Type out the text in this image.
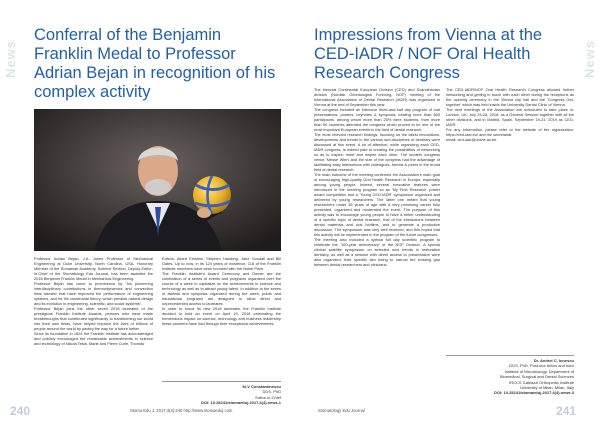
News
Conferral of the Benjamin Franklin Medal to Professor Adrian Bejan in recognition of his complex activity

Professor Adrian Bejan, J.A. Jones Professor of Mechanical Engineering at Duke University, North Carolina, USA, Honorary Member of the Romanian Academy, Science Section, Deputy Editor-in-Chief of the Stomatology Edu Journal, has been awarded the 2018 Benjamin Franklin Medal in Mechanical Engineering.

Professor Bejan has come to prominence by "his pioneering interdisciplinary contributions in thermodynamics and convection heat transfer that have improved the performance of engineering systems, and for his constructal theory, which predicts natural design and its evolution in engineering, scientific, and social systems".

Professor Bejan joins the other seven 2018 laureates of the prestigious Franklin Institute Awards, persons who have made breakthroughs that contributed significantly to transforming our world into their own fields, have helped improve the lives of billions of people around the world by paving the way for a future better.

Since its foundation in 1824 the Franklin Institute has acknowledged and publicly encouraged the remarkable achievements in science and technology of Nikola Tesla, Marie and Pierre Curie, Thomas

Edison, Albert Einstein, Stephen Hawking, Jane Goodall and Bill Gates. Up to now, in its 124 years of existence, 118 of the Franklin Institute members have been honored with the Nobel Prize.

The Franklin Institute's Award Ceremony and Dinner are the culmination of a series of events and programs organized over the course of a week to capitalize on the achievements in science and technology as well as to attract young talent. In addition to the series of awards and symposia organized during the week, public and educational programs are designed to allow direct and unprecedented access to laureates.

In order to honor its new 2018 laureates, the Franklin Institute decided to hold an event on April 19, 2018 celebrating the tremendous impact on science, technology and business leadership these pioneers have had through their exceptional achievements.

M-V Constantinescu
DDS, PhD
Editor-in-Chief
DOI: 10.25241/stomaeduj.2017.4(4).news.1
240	Stoma Edu J. 2017;4(4):240 http://www.stomaeduj.com
News
Impressions from Vienna at the CED-IADR / NOF Oral Health Research Congress

The biennial Continental European Division (CED) and Scandinavian division (Nordisk Odontologisk Forening, NOF) meeting of the International Association of Dental Research (IADR) was organized in Vienna at the end of September this year.

The congress included an intensive three-and-half day program of oral presentations, posters, keynotes & symposia, totaling more than 800 participants, among whom more than 25% were students, from more than 50 countries attended the congress which proved to be one of the most important European events in the field of dental research.

The most relevant research findings, focusing on the latest innovations, developments and trends in the various sub-disciplines of dentistry were discussed at this event. A lot of attention, while organizing each CED-IADR congress, is indeed paid to creating the possibilities of networking so as to inspire, meet and inspire each other. The modern congress venue 'Messe Wien' and the size of the congress had the advantage of facilitating easy interactions with colleagues, friends & peers in the broad field of dental research.

The main outcome of the meeting confirmed the Association's main goal of encouraging high-quality Oral Health Research in Europe, especially among young people. Indeed, several innovative features were introduced in the meeting program so as 'My First Research' poster award competition and a 'Young CED-IADR' symposium organized and delivered by young researchers. The latter one meant that young researchers under 35 years of age with a very promising career fully presented, organized and moderated the event. The purpose of this activity was to encourage young people to have a better understanding of a specific topic of dental research, that of the interactions between dental materials and oral biofilms, and to generate a productive discussion. The symposium was very well received, and this hoped that this activity will be implemented in the program of the future congresses.

The meeting also included a special full day scientific program to celebrate the '100-year anniversary' of the NOF Division. A special clinical satellite symposium on selected new trends in restorative dentistry, as well as a session with direct access to presentation were also organized, their specific aim being to narrow the existing gap between dental researchers and clinicians.

The CED-IADR/NOF Oral Health Research Congress allowed further networking and getting in touch with each other during the receptions as the opening ceremony in the Vienna city hall and the 'Congress Get-together' which was held inside the University Dental Clinic of Vienna.

The next meetings of the Association are scheduled to take place in: London, UK, July 25-28, 2018, as a General Session together with all the other divisions, and in Madrid, Spain, September 19-21, 2019 as CED-IADR.

For any information, please refer to the website of the organization: https://ced-iadr.eu/ and the secretariat

email: ced-iadr@univie.ac.be.

Dr. Andrei C. Ionescu
DDS, PhD, Post-doc fellow and tutor
Institute of Microbiology, Department of
Biomedical, Surgical and Dental Sciences
IRCCS Galeazzi Orthopedic Institute
University of Milan, Milan, Italy
DOI: 10.25241/stomaeduj.2017.4(4).news.3
Stomatology Edu Journal	241
